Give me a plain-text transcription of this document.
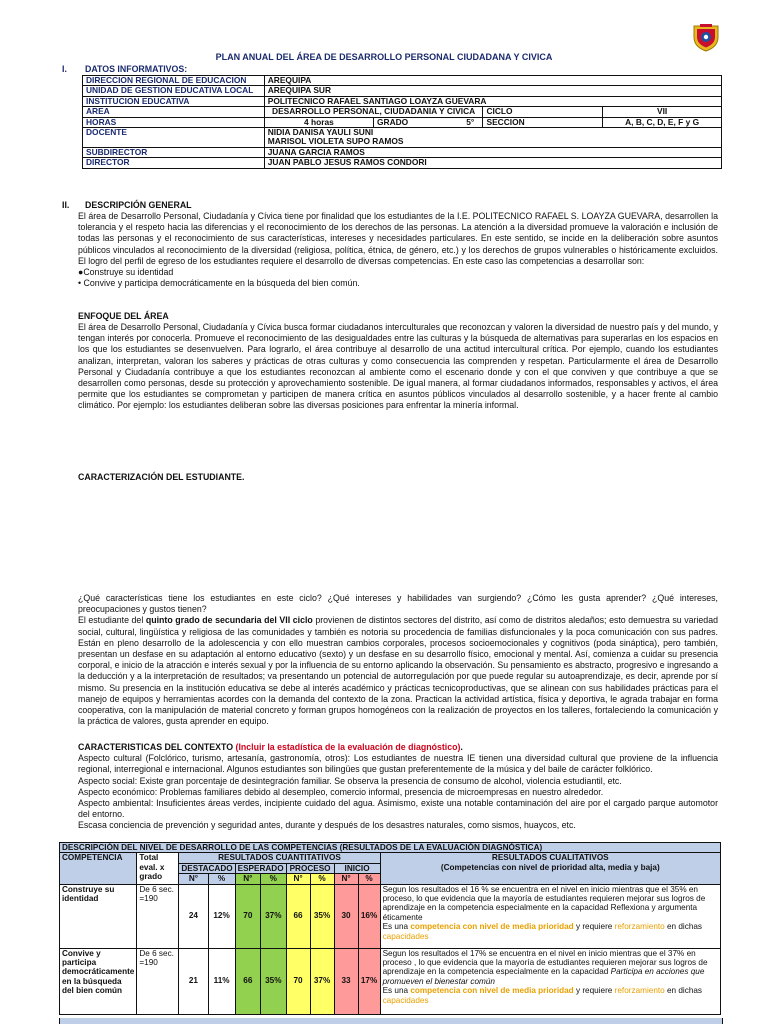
PLAN ANUAL DEL ÁREA DE DESARROLLO PERSONAL CIUDADANA Y CIVICA
I. DATOS INFORMATIVOS:
DIRECCION REGIONAL DE EDUCACION	AREQUIPA			
UNIDAD DE GESTION EDUCATIVA LOCAL	AREQUIPA SUR			
INSTITUCION EDUCATIVA	POLITECNICO RAFAEL SANTIAGO LOAYZA GUEVARA			
AREA	DESARROLLO PERSONAL, CIUDADANIA Y CIVICA		CICLO	VII
HORAS	4 horas	GRADO 5°	SECCION	A, B, C, D, E, F y G
DOCENTE	NIDIA DANISA YAULI SUNI
MARISOL VIOLETA SUPO RAMOS			

SUBDIRECTOR	JUANA GARCIA RAMOS			
DIRECTOR	JUAN PABLO JESUS RAMOS CONDORI			
II. DESCRIPCIÓN GENERAL

El área de Desarrollo Personal, Ciudadanía y Cívica tiene por finalidad que los estudiantes de la I.E. POLITECNICO RAFAEL S. LOAYZA GUEVARA, desarrollen la tolerancia y el respeto hacia las diferencias y el reconocimiento de los derechos de las personas. La atención a la diversidad promueve la valoración e inclusión de todas las personas y el reconocimiento de sus características, intereses y necesidades particulares. En este sentido, se incide en la deliberación sobre asuntos públicos vinculados al reconocimiento de la diversidad (religiosa, política, étnica, de género, etc.) y los derechos de grupos vulnerables o históricamente excluidos. El logro del perfil de egreso de los estudiantes requiere el desarrollo de diversas competencias. En este caso las competencias a desarrollar son:

●Construye su identidad

• Convive y participa democráticamente en la búsqueda del bien común.

ENFOQUE DEL ÁREA
El área de Desarrollo Personal, Ciudadanía y Cívica busca formar ciudadanos interculturales que reconozcan y valoren la diversidad de nuestro país y del mundo, y tengan interés por conocerla. Promueve el reconocimiento de las desigualdades entre las culturas y la búsqueda de alternativas para superarlas en los espacios en los que los estudiantes se desenvuelven. Para lograrlo, el área contribuye al desarrollo de una actitud intercultural crítica. Por ejemplo, cuando los estudiantes analizan, interpretan, valoran los saberes y prácticas de otras culturas y como consecuencia las comprenden y respetan. Particularmente el área de Desarrollo Personal y Ciudadanía contribuye a que los estudiantes reconozcan al ambiente como el escenario donde y con el que conviven y que contribuye a que se desarrollen como personas, desde su protección y aprovechamiento sostenible. De igual manera, al formar ciudadanos informados, responsables y activos, el área permite que los estudiantes se comprometan y participen de manera crítica en asuntos públicos vinculados al desarrollo sostenible, y a hacer frente al cambio climático. Por ejemplo: los estudiantes deliberan sobre las diversas posiciones para enfrentar la minería informal.
CARACTERIZACIÓN DEL ESTUDIANTE.

¿Qué características tiene los estudiantes en este ciclo? ¿Qué intereses y habilidades van surgiendo? ¿Cómo les gusta aprender? ¿Qué intereses, preocupaciones y gustos tienen?

El estudiante del quinto grado de secundaria del VII ciclo provienen de distintos sectores del distrito, así como de distritos aledaños; esto demuestra su variedad social, cultural, lingüística y religiosa de las comunidades y también es notoria su procedencia de familias disfuncionales y la poca comunicación con sus padres. Están en pleno desarrollo de la adolescencia y con ello muestran cambios corporales, procesos socioemocionales y cognitivos (poda sináptica), pero también, presentan un desfase en su adaptación al entorno educativo (sexto) y un desfase en su desarrollo físico, emocional y mental. Así, comienza a cuidar su presencia corporal, e inicio de la atracción e interés sexual y por la influencia de su entorno aplicando la observación. Su pensamiento es abstracto, progresivo e ingresando a la deducción y a la interpretación de resultados; va presentando un potencial de autorregulación por que puede regular su autoaprendizaje, es decir, aprende por sí mismo. Su presencia en la institución educativa se debe al interés académico y prácticas tecnicoproductivas, que se alinean con sus habilidades prácticas para el manejo de equipos y herramientas acordes con la demanda del contexto de la zona. Practican la actividad artística, física y deportiva, le agrada trabajar en forma cooperativa, con la manipulación de material concreto y forman grupos homogéneos con la realización de proyectos en los talleres, fortaleciendo la comunicación y la práctica de valores, gusta aprender en equipo.

CARACTERISTICAS DEL CONTEXTO (Incluir la estadística de la evaluación de diagnóstico).

Aspecto cultural (Folclórico, turismo, artesanía, gastronomía, otros): Los estudiantes de nuestra IE tienen una diversidad cultural que proviene de la influencia regional, interregional e internacional. Algunos estudiantes son bilingües que gustan preferentemente de la música y del baile de carácter folklórico.

Aspecto social: Existe gran porcentaje de desintegración familiar. Se observa la presencia de consumo de alcohol, violencia estudiantil, etc.

Aspecto económico: Problemas familiares debido al desempleo, comercio informal, presencia de microempresas en nuestro alrededor.

Aspecto ambiental: Insuficientes áreas verdes, incipiente cuidado del agua. Asimismo, existe una notable contaminación del aire por el cargado parque automotor del entorno.

Escasa conciencia de prevención y seguridad antes, durante y después de los desastres naturales, como sismos, huaycos, etc.

DESCRIPCIÓN DEL NIVEL DE DESARROLLO DE LAS COMPETENCIAS (RESULTADOS DE LA EVALUACIÓN DIAGNÓSTICA)										
COMPETENCIA	Total eval. x grado	RESULTADOS CUANTITATIVOS								RESULTADOS CUALITATIVOS
(Competencias con nivel de prioridad alta, media y baja)

		DESTACADO		ESPERADO		PROCESO		INICIO		
		N°	%	N°	%	N°	%	N°	%	
Construye su identidad	De 6 sec. =190	24	12%	70	37%	66	35%	30	16%	Segun los resultados el 16 % se encuentra en el nivel en inicio mientras que el 35% en proceso, lo que evidencia que la mayoría de estudiantes requieren mejorar sus logros de aprendizaje en la competencia especialmente en la capacidad Reflexiona y argumenta éticamente
Es una competencia con nivel de media prioridad y requiere reforzamiento en dichas capacidades

Convive y participa democráticamente en la búsqueda del bien común	De 6 sec. =190	21	11%	66	35%	70	37%	33	17%	Segun los resultados el 17% se encuentra en el nivel en inicio mientras que el 37% en proceso , lo que evidencia que la mayoría de estudiantes requieren mejorar sus logros de aprendizaje en la competencia especialmente en la capacidad Participa en acciones que promueven el bienestar común
Es una competencia con nivel de media prioridad y requiere reforzamiento en dichas capacidades
